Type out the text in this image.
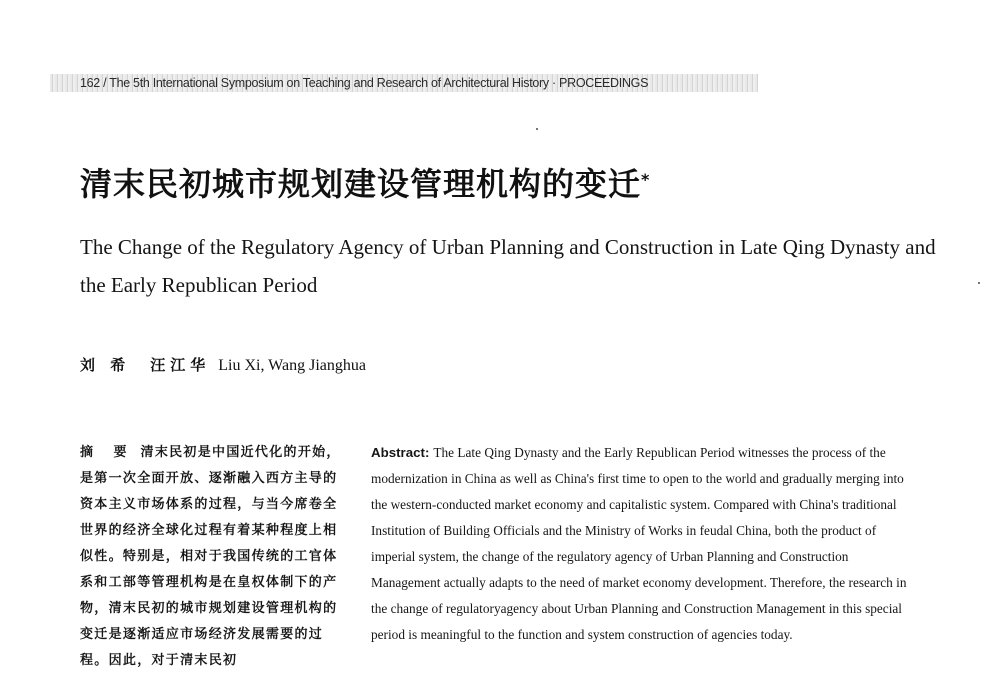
162 / The 5th International Symposium on Teaching and Research of Architectural History · PROCEEDINGS
清末民初城市规划建设管理机构的变迁*
The Change of the Regulatory Agency of Urban Planning and Construction in Late Qing Dynasty and the Early Republican Period
刘 希　汪江华 Liu Xi, Wang Jianghua
摘 要 清末民初是中国近代化的开始，是第一次全面开放、逐渐融入西方主导的资本主义市场体系的过程，与当今席卷全世界的经济全球化过程有着某种程度上相似性。特别是，相对于我国传统的工官体系和工部等管理机构是在皇权体制下的产物，清末民初的城市规划建设管理机构的变迁是逐渐适应市场经济发展需要的过程。因此，对于清末民初
Abstract: The Late Qing Dynasty and the Early Republican Period witnesses the process of the modernization in China as well as China's first time to open to the world and gradually merging into the western-conducted market economy and capitalistic system. Compared with China's traditional Institution of Building Officials and the Ministry of Works in feudal China, both the product of imperial system, the change of the regulatory agency of Urban Planning and Construction Management actually adapts to the need of market economy development. Therefore, the research in the change of regulatoryagency about Urban Planning and Construction Management in this special period is meaningful to the function and system construction of agencies today.
